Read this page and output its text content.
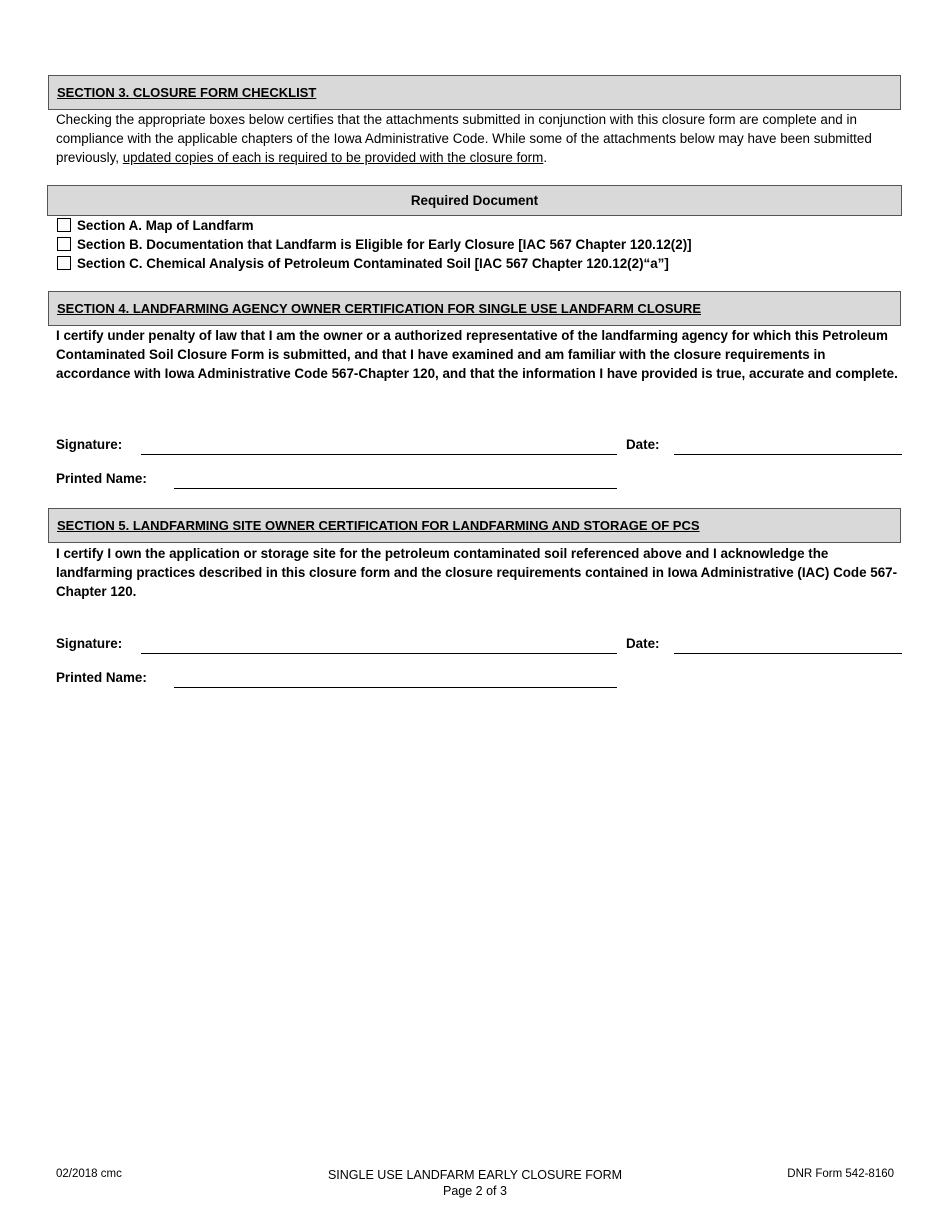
SECTION 3. CLOSURE FORM CHECKLIST
Checking the appropriate boxes below certifies that the attachments submitted in conjunction with this closure form are complete and in compliance with the applicable chapters of the Iowa Administrative Code. While some of the attachments below may have been submitted previously, updated copies of each is required to be provided with the closure form.
Required Document
Section A. Map of Landfarm
Section B. Documentation that Landfarm is Eligible for Early Closure [IAC 567 Chapter 120.12(2)]
Section C. Chemical Analysis of Petroleum Contaminated Soil [IAC 567 Chapter 120.12(2)“a”]
SECTION 4. LANDFARMING AGENCY OWNER CERTIFICATION FOR SINGLE USE LANDFARM CLOSURE
I certify under penalty of law that I am the owner or a authorized representative of the landfarming agency for which this Petroleum Contaminated Soil Closure Form is submitted, and that I have examined and am familiar with the closure requirements in accordance with Iowa Administrative Code 567-Chapter 120, and that the information I have provided is true, accurate and complete.
Signature:	Date:
Printed Name:
SECTION 5. LANDFARMING SITE OWNER CERTIFICATION FOR LANDFARMING AND STORAGE OF PCS
I certify I own the application or storage site for the petroleum contaminated soil referenced above and I acknowledge the landfarming practices described in this closure form and the closure requirements contained in Iowa Administrative (IAC) Code 567-Chapter 120.
Signature:	Date:
Printed Name:
02/2018 cmc	SINGLE USE LANDFARM EARLY CLOSURE FORM
Page 2 of 3
DNR Form 542-8160
